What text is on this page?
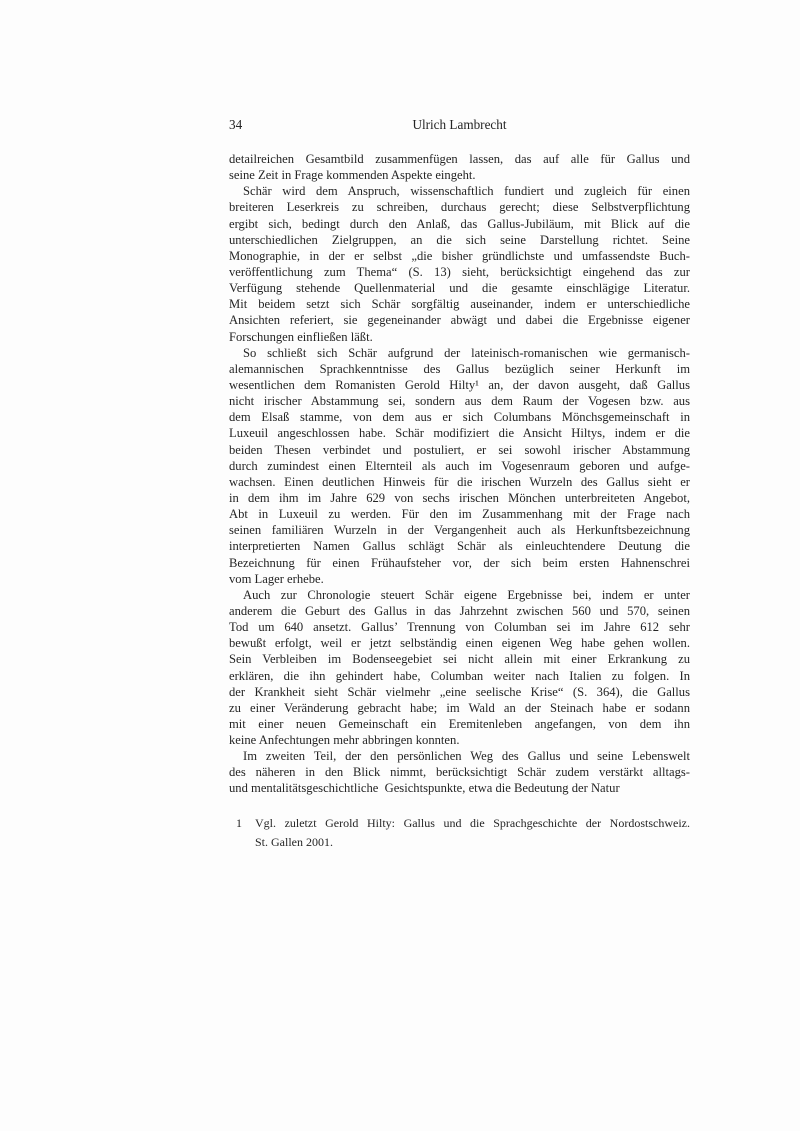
34	Ulrich Lambrecht
detailreichen Gesamtbild zusammenfügen lassen, das auf alle für Gallus und
seine Zeit in Frage kommenden Aspekte eingeht.
Schär wird dem Anspruch, wissenschaftlich fundiert und zugleich für einen
breiteren Leserkreis zu schreiben, durchaus gerecht; diese Selbstverpflichtung
ergibt sich, bedingt durch den Anlaß, das Gallus-Jubiläum, mit Blick auf die
unterschiedlichen Zielgruppen, an die sich seine Darstellung richtet. Seine
Monographie, in der er selbst „die bisher gründlichste und umfassendste Buch-
veröffentlichung zum Thema“ (S. 13) sieht, berücksichtigt eingehend das zur
Verfügung stehende Quellenmaterial und die gesamte einschlägige Literatur.
Mit beidem setzt sich Schär sorgfältig auseinander, indem er unterschiedliche
Ansichten referiert, sie gegeneinander abwägt und dabei die Ergebnisse eigener
Forschungen einfließen läßt.
So schließt sich Schär aufgrund der lateinisch-romanischen wie germanisch-
alemannischen Sprachkenntnisse des Gallus bezüglich seiner Herkunft im
wesentlichen dem Romanisten Gerold Hilty¹ an, der davon ausgeht, daß Gallus
nicht irischer Abstammung sei, sondern aus dem Raum der Vogesen bzw. aus
dem Elsaß stamme, von dem aus er sich Columbans Mönchsgemeinschaft in
Luxeuil angeschlossen habe. Schär modifiziert die Ansicht Hiltys, indem er die
beiden Thesen verbindet und postuliert, er sei sowohl irischer Abstammung
durch zumindest einen Elternteil als auch im Vogesenraum geboren und aufge-
wachsen. Einen deutlichen Hinweis für die irischen Wurzeln des Gallus sieht er
in dem ihm im Jahre 629 von sechs irischen Mönchen unterbreiteten Angebot,
Abt in Luxeuil zu werden. Für den im Zusammenhang mit der Frage nach
seinen familiären Wurzeln in der Vergangenheit auch als Herkunftsbezeichnung
interpretierten Namen Gallus schlägt Schär als einleuchtendere Deutung die
Bezeichnung für einen Frühaufsteher vor, der sich beim ersten Hahnenschrei
vom Lager erhebe.
Auch zur Chronologie steuert Schär eigene Ergebnisse bei, indem er unter
anderem die Geburt des Gallus in das Jahrzehnt zwischen 560 und 570, seinen
Tod um 640 ansetzt. Gallus’ Trennung von Columban sei im Jahre 612 sehr
bewußt erfolgt, weil er jetzt selbständig einen eigenen Weg habe gehen wollen.
Sein Verbleiben im Bodenseegebiet sei nicht allein mit einer Erkrankung zu
erklären, die ihn gehindert habe, Columban weiter nach Italien zu folgen. In
der Krankheit sieht Schär vielmehr „eine seelische Krise“ (S. 364), die Gallus
zu einer Veränderung gebracht habe; im Wald an der Steinach habe er sodann
mit einer neuen Gemeinschaft ein Eremitenleben angefangen, von dem ihn
keine Anfechtungen mehr abbringen konnten.
Im zweiten Teil, der den persönlichen Weg des Gallus und seine Lebenswelt
des näheren in den Blick nimmt, berücksichtigt Schär zudem verstärkt alltags-
und mentalitätsgeschichtliche  Gesichtspunkte, etwa die Bedeutung der Natur
1 Vgl. zuletzt Gerold Hilty: Gallus und die Sprachgeschichte der Nordostschweiz.
St. Gallen 2001.
